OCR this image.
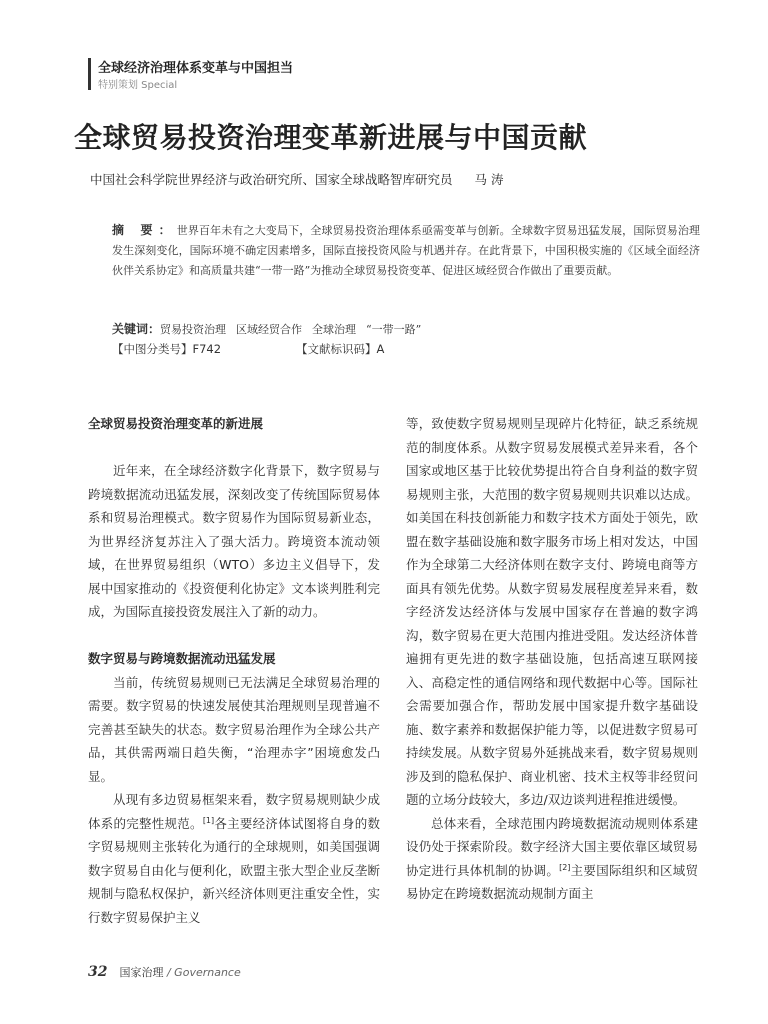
全球经济治理体系变革与中国担当
特别策划 Special
全球贸易投资治理变革新进展与中国贡献
中国社会科学院世界经济与政治研究所、国家全球战略智库研究员 马 涛
摘 要：世界百年未有之大变局下，全球贸易投资治理体系亟需变革与创新。全球数字贸易迅猛发展，国际贸易治理发生深刻变化，国际环境不确定因素增多，国际直接投资风险与机遇并存。在此背景下，中国积极实施的《区域全面经济伙伴关系协定》和高质量共建“一带一路”为推动全球贸易投资变革、促进区域经贸合作做出了重要贡献。
关键词：贸易投资治理 区域经贸合作 全球治理 “一带一路”
【中图分类号】F742	【文献标识码】A
全球贸易投资治理变革的新进展

近年来，在全球经济数字化背景下，数字贸易与跨境数据流动迅猛发展，深刻改变了传统国际贸易体系和贸易治理模式。数字贸易作为国际贸易新业态，为世界经济复苏注入了强大活力。跨境资本流动领域，在世界贸易组织（WTO）多边主义倡导下，发展中国家推动的《投资便利化协定》文本谈判胜利完成，为国际直接投资发展注入了新的动力。

数字贸易与跨境数据流动迅猛发展

当前，传统贸易规则已无法满足全球贸易治理的需要。数字贸易的快速发展使其治理规则呈现普遍不完善甚至缺失的状态。数字贸易治理作为全球公共产品，其供需两端日趋失衡，“治理赤字”困境愈发凸显。

从现有多边贸易框架来看，数字贸易规则缺少成体系的完整性规范。[1]各主要经济体试图将自身的数字贸易规则主张转化为通行的全球规则，如美国强调数字贸易自由化与便利化，欧盟主张大型企业反垄断规制与隐私权保护，新兴经济体则更注重安全性，实行数字贸易保护主义

等，致使数字贸易规则呈现碎片化特征，缺乏系统规范的制度体系。从数字贸易发展模式差异来看，各个国家或地区基于比较优势提出符合自身利益的数字贸易规则主张，大范围的数字贸易规则共识难以达成。如美国在科技创新能力和数字技术方面处于领先，欧盟在数字基础设施和数字服务市场上相对发达，中国作为全球第二大经济体则在数字支付、跨境电商等方面具有领先优势。从数字贸易发展程度差异来看，数字经济发达经济体与发展中国家存在普遍的数字鸿沟，数字贸易在更大范围内推进受阻。发达经济体普遍拥有更先进的数字基础设施，包括高速互联网接入、高稳定性的通信网络和现代数据中心等。国际社会需要加强合作，帮助发展中国家提升数字基础设施、数字素养和数据保护能力等，以促进数字贸易可持续发展。从数字贸易外延挑战来看，数字贸易规则涉及到的隐私保护、商业机密、技术主权等非经贸问题的立场分歧较大，多边/双边谈判进程推进缓慢。

总体来看，全球范围内跨境数据流动规则体系建设仍处于探索阶段。数字经济大国主要依靠区域贸易协定进行具体机制的协调。[2]主要国际组织和区域贸易协定在跨境数据流动规制方面主

32 国家治理 / Governance
